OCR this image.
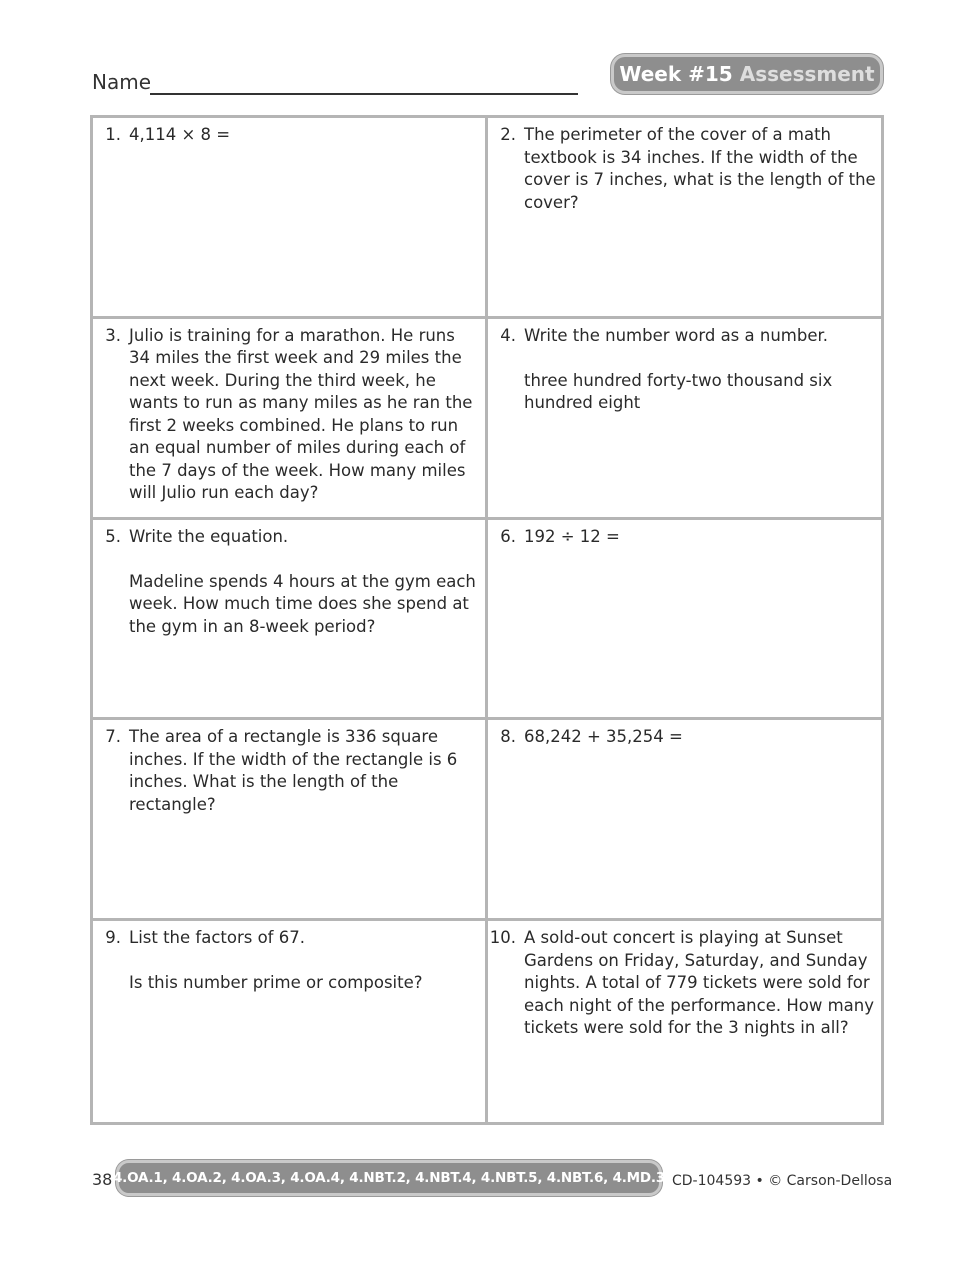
Name	Week #15 Assessment
1. 4,114 × 8 =	2. The perimeter of the cover of a math textbook is 34 inches. If the width of the cover is 7 inches, what is the length of the cover?

3. Julio is training for a marathon. He runs 34 miles the first week and 29 miles the next week. During the third week, he wants to run as many miles as he ran the first 2 weeks combined. He plans to run an equal number of miles during each of the 7 days of the week. How many miles will Julio run each day?

4. Write the number word as a number.

three hundred forty-two thousand six hundred eight

5. Write the equation.

Madeline spends 4 hours at the gym each week. How much time does she spend at the gym in an 8-week period?

6. 192 ÷ 12 =

7. The area of a rectangle is 336 square inches. If the width of the rectangle is 6 inches. What is the length of the rectangle?

8. 68,242 + 35,254 =

9. List the factors of 67.

Is this number prime or composite?

10. A sold-out concert is playing at Sunset Gardens on Friday, Saturday, and Sunday nights. A total of 779 tickets were sold for each night of the performance. How many tickets were sold for the 3 nights in all?

38 4.OA.1, 4.OA.2, 4.OA.3, 4.OA.4, 4.NBT.2, 4.NBT.4, 4.NBT.5, 4.NBT.6, 4.MD.3 CD-104593 • © Carson-Dellosa
